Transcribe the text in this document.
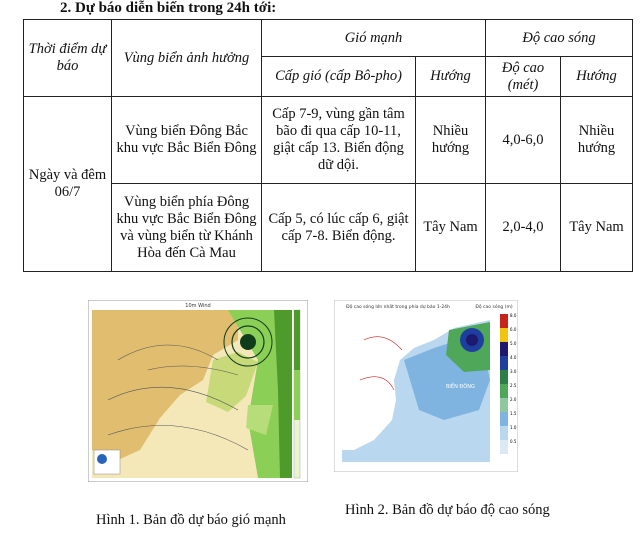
2. Dự báo diễn biến trong 24h tới:
Thời điểm dự báo	Vùng biển ảnh hưởng	Gió mạnh		Độ cao sóng	
		Cấp gió (cấp Bô-pho)	Hướng	Độ cao (mét)	Hướng
Ngày và đêm 06/7	Vùng biển Đông Bắc khu vực Bắc Biển Đông	Cấp 7-9, vùng gần tâm bão đi qua cấp 10-11, giật cấp 13. Biển động dữ dội.	Nhiều hướng	4,0-6,0	Nhiều hướng
	Vùng biển phía Đông khu vực Bắc Biển Đông và vùng biển từ Khánh Hòa đến Cà Mau	Cấp 5, có lúc cấp 6, giật cấp 7-8. Biển động.	Tây Nam	2,0-4,0	Tây Nam
10m Wind
Hình 1. Bản đồ dự báo gió mạnh
Độ cao sóng lớn nhất trong phía dự báo 1-24h	Độ cao sóng (m)
BIỂN ĐÔNG
8.0
6.0
5.0
4.0
3.0
2.5
2.0
1.5
1.0
0.5
Hình 2. Bản đồ dự báo độ cao sóng
